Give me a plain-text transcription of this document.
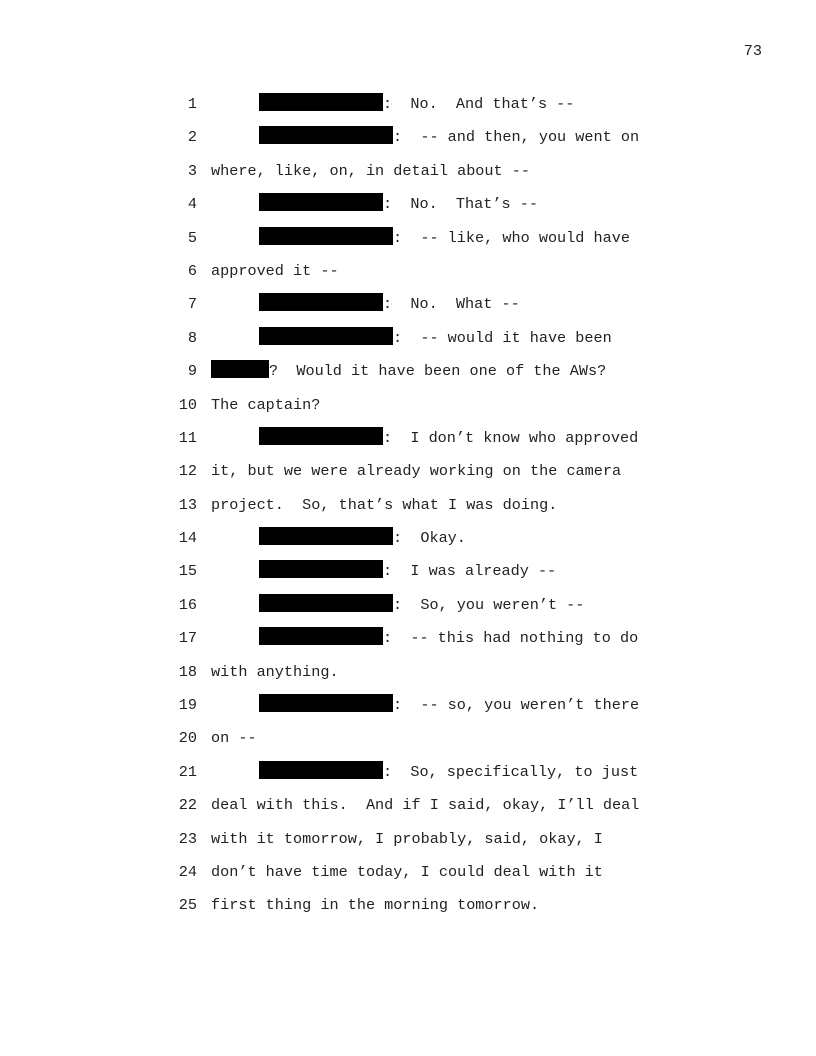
73
1	:  No.  And that’s --
2	:  -- and then, you went on
3 where, like, on, in detail about --
4	:  No.  That’s --
5	:  -- like, who would have
6 approved it --
7	:  No.  What --
8	:  -- would it have been
9	?  Would it have been one of the AWs?
10 The captain?
11	:  I don’t know who approved
12 it, but we were already working on the camera
13 project.  So, that’s what I was doing.
14	:  Okay.
15	:  I was already --
16	:  So, you weren’t --
17	:  -- this had nothing to do
18 with anything.
19	:  -- so, you weren’t there
20 on --
21	:  So, specifically, to just
22 deal with this.  And if I said, okay, I’ll deal
23 with it tomorrow, I probably, said, okay, I
24 don’t have time today, I could deal with it
25 first thing in the morning tomorrow.
